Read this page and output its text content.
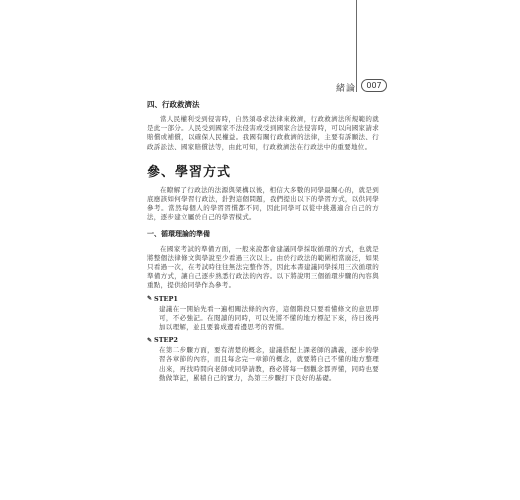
緒論	007
四、行政救濟法

當人民權利受到侵害時，自然須尋求法律來救濟，行政救濟法所規範的就是此一部分。人民受到國家不法侵害或受到國家合法侵害時，可以向國家請求賠償或補償，以確保人民權益。我國有關行政救濟的法律，主要有訴願法、行政訴訟法、國家賠償法等，由此可知，行政救濟法在行政法中的重要地位。

參、學習方式

在瞭解了行政法的法源與架構以後，相信大多數的同學最關心的，就是到底應該如何學習行政法，針對這個問題，我們提出以下的學習方式，以供同學參考。當然每個人的學習習慣都不同，因此同學可以從中挑選適合自己的方法，逐步建立屬於自己的學習模式。

一、循環理論的準備

在國家考試的準備方面，一般來說都會建議同學採取循環的方式，也就是將整個法律條文與學說至少看過三次以上。由於行政法的範圍相當廣泛，如果只看過一次，在考試時往往無法完整作答，因此本書建議同學採用三次循環的準備方式，讓自己逐步熟悉行政法的內容。以下將說明三個循環步驟的內容與重點，提供給同學作為參考。

✎ STEP1

建議在一開始先看一遍相關法條的內容，這個階段只要看懂條文的意思即可，不必強記。在閱讀的同時，可以先將不懂的地方標記下來，待日後再加以理解，並且要養成邊看邊思考的習慣。

✎ STEP2

在第二步驟方面，要有清楚的概念，建議搭配上課老師的講義，逐步的學習各章節的內容，而且每念完一章節的概念，就要將自己不懂的地方整理出來，再找時間向老師或同學請教，務必將每一個觀念都弄懂，同時也要勤做筆記，累積自己的實力，為第三步驟打下良好的基礎。
